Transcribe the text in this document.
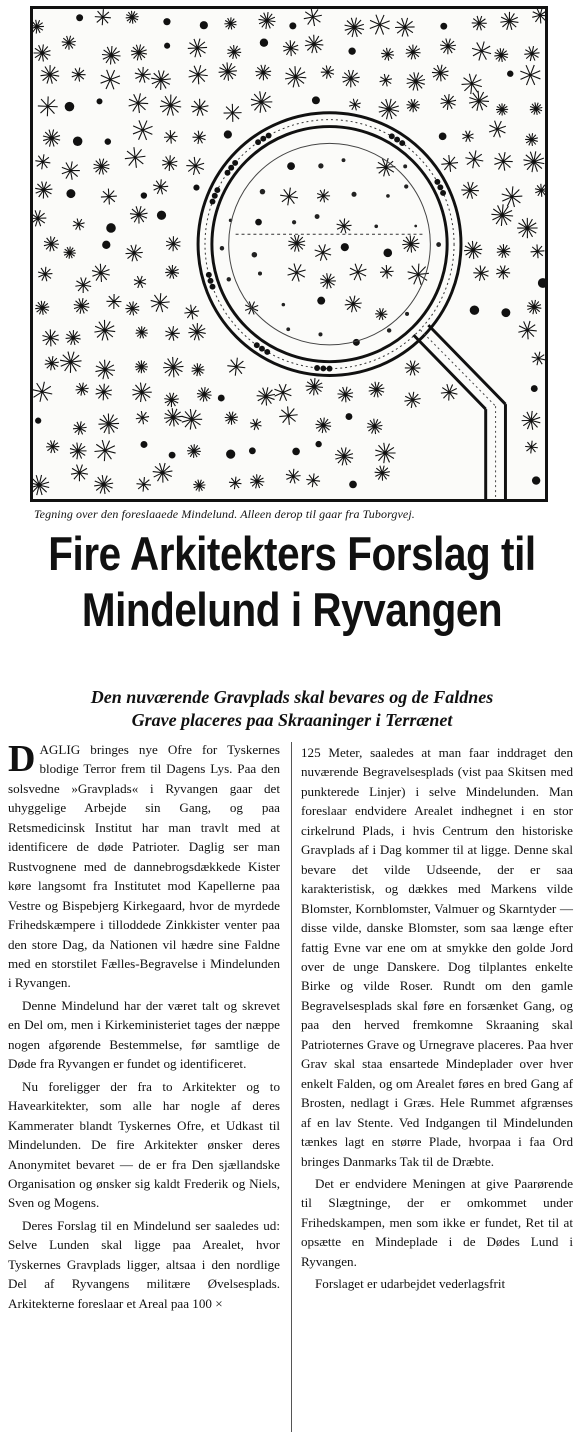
Tegning over den foreslaaede Mindelund. Alleen derop til gaar fra Tuborgvej.
Fire Arkitekters Forslag til
Mindelund i Ryvangen
Den nuværende Gravplads skal bevares og de Faldnes
Grave placeres paa Skraaninger i Terrænet

DAGLIG bringes nye Ofre for Tyskernes blodige Terror frem til Dagens Lys. Paa den solsvedne »Gravplads« i Ryvangen gaar det uhyggelige Arbejde sin Gang, og paa Retsmedicinsk Institut har man travlt med at identificere de døde Patrioter. Daglig ser man Rustvognene med de dannebrogsdækkede Kister køre langsomt fra Institutet mod Kapellerne paa Vestre og Bispebjerg Kirkegaard, hvor de myrdede Frihedskæmpere i tilloddede Zinkkister venter paa den store Dag, da Nationen vil hædre sine Faldne med en storstilet Fælles-Begravelse i Mindelunden i Ryvangen.

Denne Mindelund har der været talt og skrevet en Del om, men i Kirkeministeriet tages der næppe nogen afgørende Bestemmelse, før samtlige de Døde fra Ryvangen er fundet og identificeret.

Nu foreligger der fra to Arkitekter og to Havearkitekter, som alle har nogle af deres Kammerater blandt Tyskernes Ofre, et Udkast til Mindelunden. De fire Arkitekter ønsker deres Anonymitet bevaret — de er fra Den sjællandske Organisation og ønsker sig kaldt Frederik og Niels, Sven og Mogens.

Deres Forslag til en Mindelund ser saaledes ud: Selve Lunden skal ligge paa Arealet, hvor Tyskernes Gravplads ligger, altsaa i den nordlige Del af Ryvangens militære Øvelsesplads. Arkitekterne foreslaar et Areal paa 100 ×

125 Meter, saaledes at man faar inddraget den nuværende Begravelsesplads (vist paa Skitsen med punkterede Linjer) i selve Mindelunden. Man foreslaar endvidere Arealet indhegnet i en stor cirkelrund Plads, i hvis Centrum den historiske Gravplads af i Dag kommer til at ligge. Denne skal bevare det vilde Udseende, der er saa karakteristisk, og dækkes med Markens vilde Blomster, Kornblomster, Valmuer og Skarntyder — disse vilde, danske Blomster, som saa længe efter fattig Evne var ene om at smykke den golde Jord over de unge Danskere. Dog tilplantes enkelte Birke og vilde Roser. Rundt om den gamle Begravelsesplads skal føre en forsænket Gang, og paa den herved fremkomne Skraaning skal Patrioternes Grave og Urnegrave placeres. Paa hver Grav skal staa ensartede Mindeplader over hver enkelt Falden, og om Arealet føres en bred Gang af Brosten, nedlagt i Græs. Hele Rummet afgrænses af en lav Stente. Ved Indgangen til Mindelunden tænkes lagt en større Plade, hvorpaa i faa Ord bringes Danmarks Tak til de Dræbte.

Det er endvidere Meningen at give Paarørende til Slægtninge, der er omkommet under Frihedskampen, men som ikke er fundet, Ret til at opsætte en Mindeplade i de Dødes Lund i Ryvangen.

Forslaget er udarbejdet vederlagsfrit
